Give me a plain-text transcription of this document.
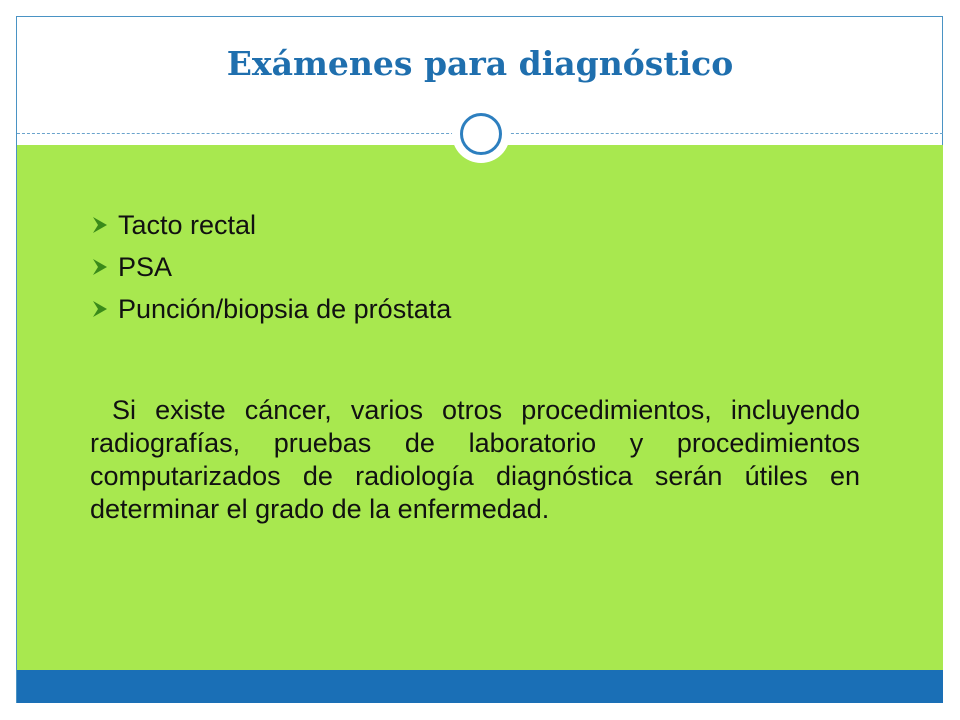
Exámenes para diagnóstico
Tacto rectal
PSA
Punción/biopsia de próstata

Si existe cáncer, varios otros procedimientos, incluyendo radiografías, pruebas de laboratorio y procedimientos computarizados de radiología diagnóstica serán útiles en determinar el grado de la enfermedad.
